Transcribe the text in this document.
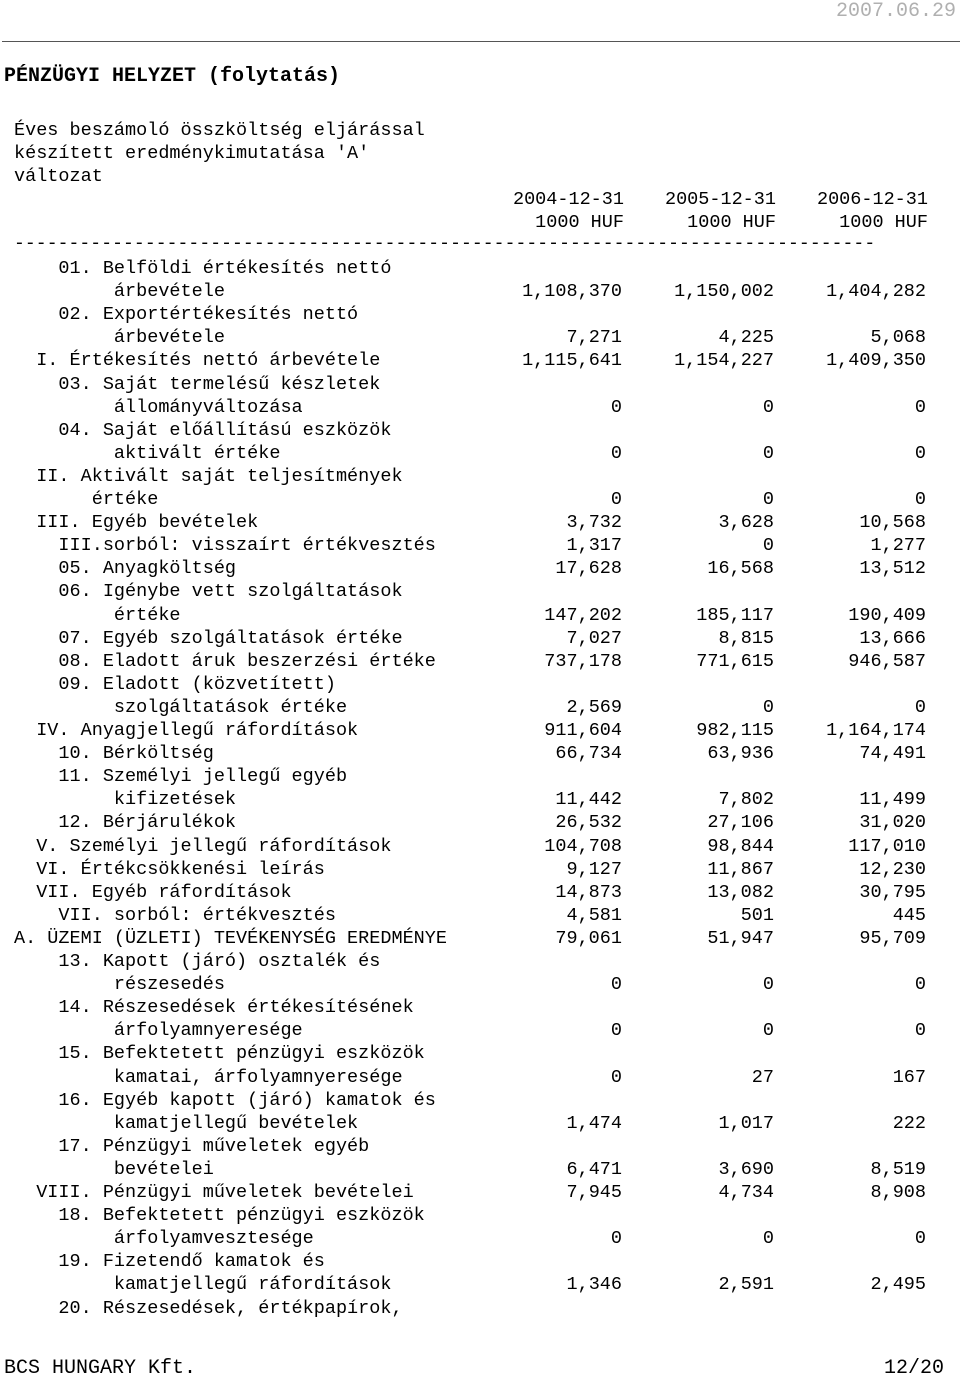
2007.06.29
PÉNZÜGYI HELYZET (folytatás)
Éves beszámoló összköltség eljárással
készített eredménykimutatása 'A'
változat
2004-12-31	2005-12-31	2006-12-31
1000 HUF	1000 HUF	1000 HUF
-------------------------------------------------------------------------------
01. Belföldi értékesítés nettó
árbevétele	1,108,370	1,150,002	1,404,282
02. Exportértékesítés nettó
árbevétele	7,271	4,225	5,068
I. Értékesítés nettó árbevétele	1,115,641	1,154,227	1,409,350
03. Saját termelésű készletek
állományváltozása	0	0	0
04. Saját előállítású eszközök
aktivált értéke	0	0	0
II. Aktivált saját teljesítmények
értéke	0	0	0
III. Egyéb bevételek	3,732	3,628	10,568
III.sorból: visszaírt értékvesztés	1,317	0	1,277
05. Anyagköltség	17,628	16,568	13,512
06. Igénybe vett szolgáltatások
értéke	147,202	185,117	190,409
07. Egyéb szolgáltatások értéke	7,027	8,815	13,666
08. Eladott áruk beszerzési értéke	737,178	771,615	946,587
09. Eladott (közvetített)
szolgáltatások értéke	2,569	0	0
IV. Anyagjellegű ráfordítások	911,604	982,115	1,164,174
10. Bérköltség	66,734	63,936	74,491
11. Személyi jellegű egyéb
kifizetések	11,442	7,802	11,499
12. Bérjárulékok	26,532	27,106	31,020
V. Személyi jellegű ráfordítások	104,708	98,844	117,010
VI. Értékcsökkenési leírás	9,127	11,867	12,230
VII. Egyéb ráfordítások	14,873	13,082	30,795
VII. sorból: értékvesztés	4,581	501	445
A. ÜZEMI (ÜZLETI) TEVÉKENYSÉG EREDMÉNYE	79,061	51,947	95,709
13. Kapott (járó) osztalék és
részesedés	0	0	0
14. Részesedések értékesítésének
árfolyamnyeresége	0	0	0
15. Befektetett pénzügyi eszközök
kamatai, árfolyamnyeresége	0	27	167
16. Egyéb kapott (járó) kamatok és
kamatjellegű bevételek	1,474	1,017	222
17. Pénzügyi műveletek egyéb
bevételei	6,471	3,690	8,519
VIII. Pénzügyi műveletek bevételei	7,945	4,734	8,908
18. Befektetett pénzügyi eszközök
árfolyamvesztesége	0	0	0
19. Fizetendő kamatok és
kamatjellegű ráfordítások	1,346	2,591	2,495
20. Részesedések, értékpapírok,
BCS HUNGARY Kft.	12/20
